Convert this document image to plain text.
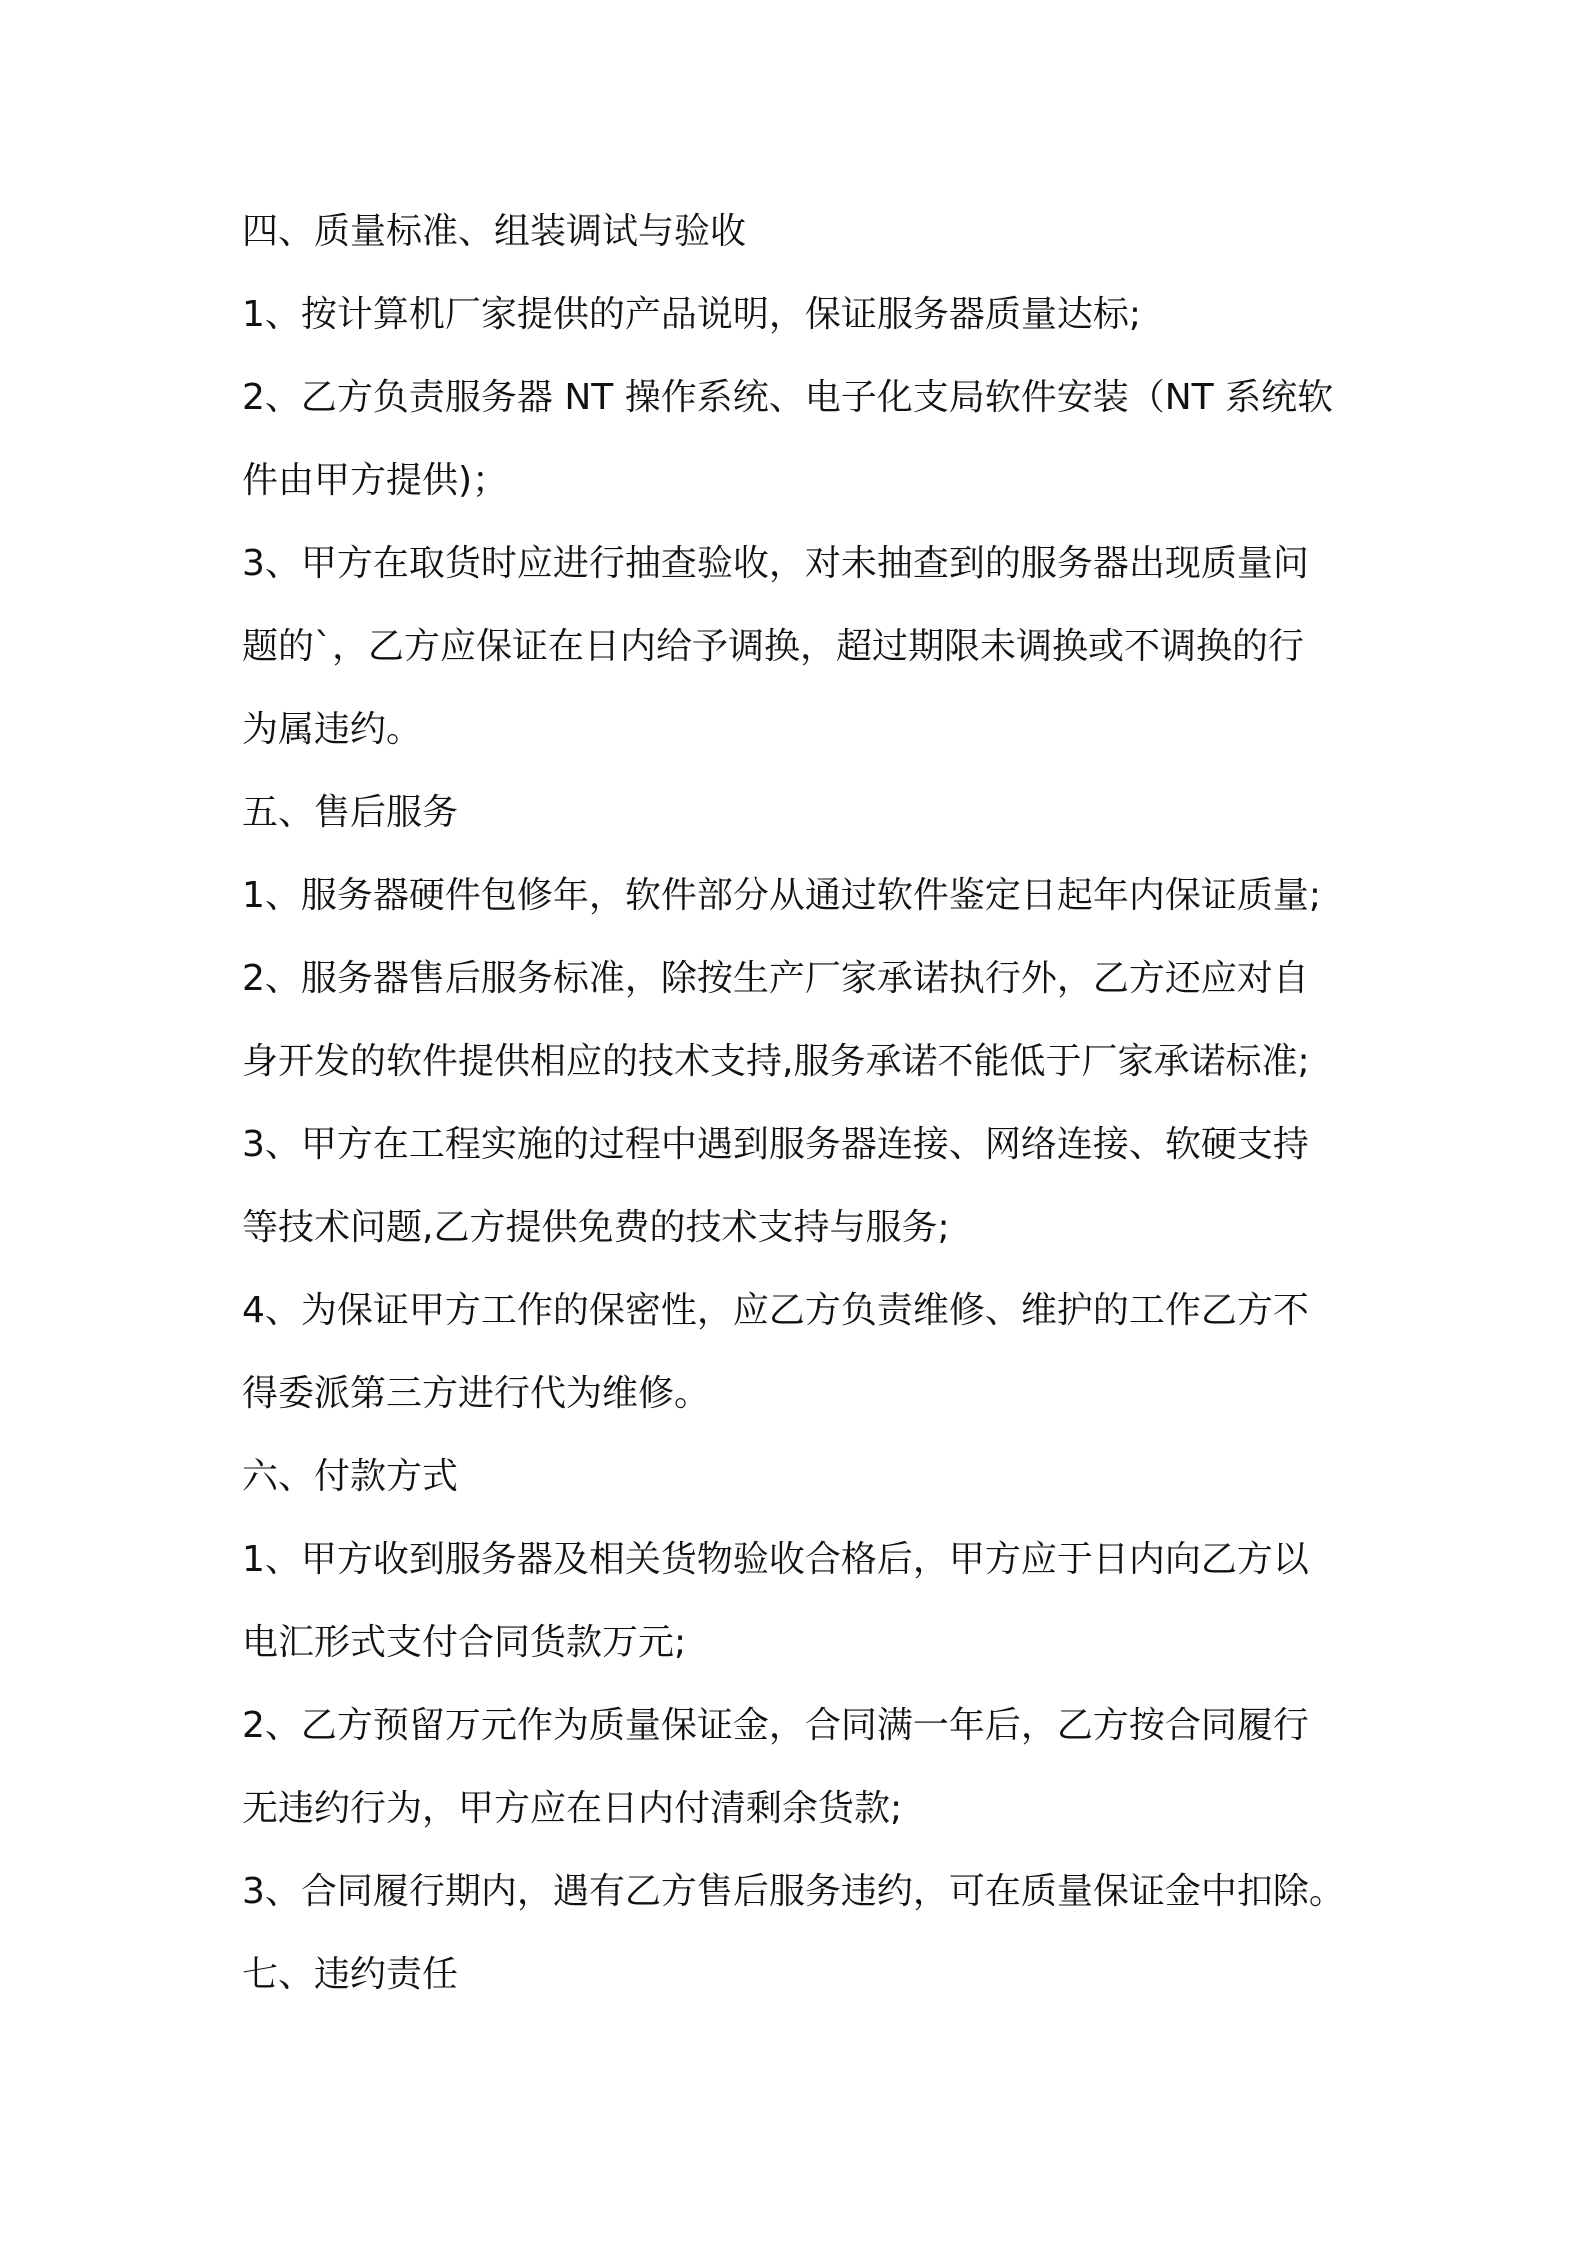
四、质量标准、组装调试与验收
1、按计算机厂家提供的产品说明，保证服务器质量达标;
2、乙方负责服务器 NT 操作系统、电子化支局软件安装（NT 系统软
件由甲方提供)；
3、甲方在取货时应进行抽查验收，对未抽查到的服务器出现质量问
题的`，乙方应保证在日内给予调换，超过期限未调换或不调换的行
为属违约。
五、售后服务
1、服务器硬件包修年，软件部分从通过软件鉴定日起年内保证质量;
2、服务器售后服务标准，除按生产厂家承诺执行外，乙方还应对自
身开发的软件提供相应的技术支持,服务承诺不能低于厂家承诺标准;
3、甲方在工程实施的过程中遇到服务器连接、网络连接、软硬支持
等技术问题,乙方提供免费的技术支持与服务;
4、为保证甲方工作的保密性，应乙方负责维修、维护的工作乙方不
得委派第三方进行代为维修。
六、付款方式
1、甲方收到服务器及相关货物验收合格后，甲方应于日内向乙方以
电汇形式支付合同货款万元;
2、乙方预留万元作为质量保证金，合同满一年后，乙方按合同履行
无违约行为，甲方应在日内付清剩余货款;
3、合同履行期内，遇有乙方售后服务违约，可在质量保证金中扣除。
七、违约责任
